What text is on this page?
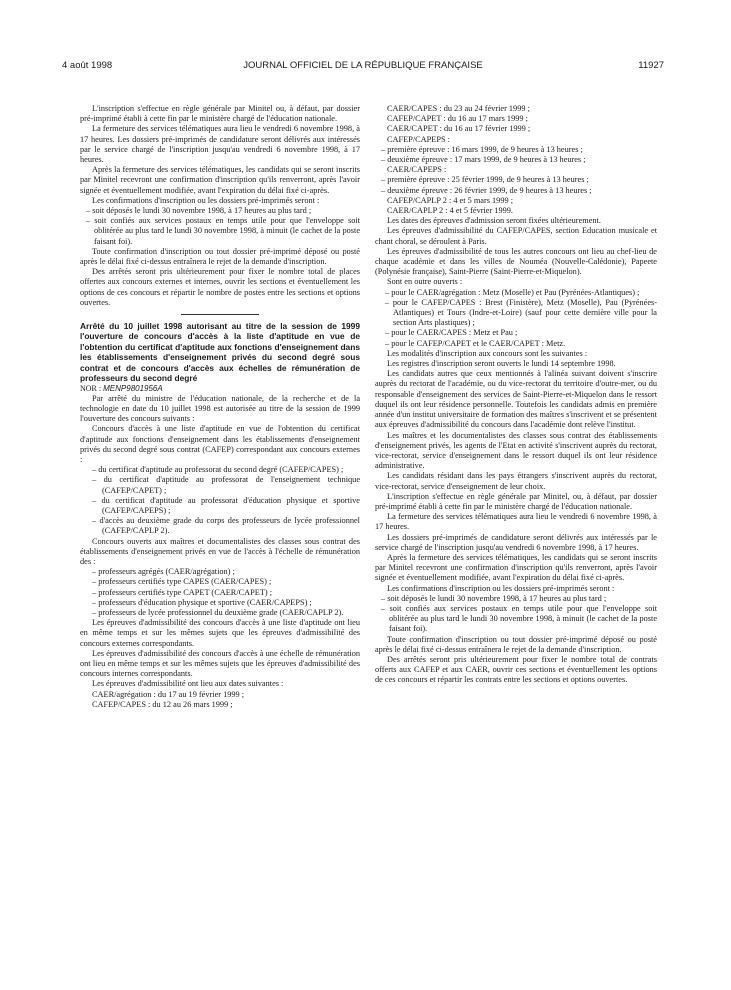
4 août 1998	JOURNAL OFFICIEL DE LA RÉPUBLIQUE FRANÇAISE	11927

L'inscription s'effectue en règle générale par Minitel ou, à défaut, par dossier pré-imprimé établi à cette fin par le ministère chargé de l'éducation nationale.

La fermeture des services télématiques aura lieu le vendredi 6 novembre 1998, à 17 heures. Les dossiers pré-imprimés de candidature seront délivrés aux intéressés par le service chargé de l'inscription jusqu'au vendredi 6 novembre 1998, à 17 heures.

Après la fermeture des services télématiques, les candidats qui se seront inscrits par Minitel recevront une confirmation d'inscription qu'ils renverront, après l'avoir signée et éventuellement modifiée, avant l'expiration du délai fixé ci-après.

Les confirmations d'inscription ou les dossiers pré-imprimés seront :

– soit déposés le lundi 30 novembre 1998, à 17 heures au plus tard ;

– soit confiés aux services postaux en temps utile pour que l'enveloppe soit oblitérée au plus tard le lundi 30 novembre 1998, à minuit (le cachet de la poste faisant foi).

Toute confirmation d'inscription ou tout dossier pré-imprimé déposé ou posté après le délai fixé ci-dessus entraînera le rejet de la demande d'inscription.

Des arrêtés seront pris ultérieurement pour fixer le nombre total de places offertes aux concours externes et internes, ouvrir les sections et éventuellement les options de ces concours et répartir le nombre de postes entre les sections et options ouvertes.

Arrêté du 10 juillet 1998 autorisant au titre de la session de 1999 l'ouverture de concours d'accès à la liste d'aptitude en vue de l'obtention du certificat d'aptitude aux fonctions d'enseignement dans les établissements d'enseignement privés du second degré sous contrat et de concours d'accès aux échelles de rémunération de professeurs du second degré

NOR : MENP9801956A

Par arrêté du ministre de l'éducation nationale, de la recherche et de la technologie en date du 10 juillet 1998 est autorisée au titre de la session de 1999 l'ouverture des concours suivants :

Concours d'accès à une liste d'aptitude en vue de l'obtention du certificat d'aptitude aux fonctions d'enseignement dans les établissements d'enseignement privés du second degré sous contrat (CAFEP) correspondant aux concours externes :

– du certificat d'aptitude au professorat du second degré (CAFEP/CAPES) ;

– du certificat d'aptitude au professorat de l'enseignement technique (CAFEP/CAPET) ;

– du certificat d'aptitude au professorat d'éducation physique et sportive (CAFEP/CAPEPS) ;

– d'accès au deuxième grade du corps des professeurs de lycée professionnel (CAFEP/CAPLP 2).

Concours ouverts aux maîtres et documentalistes des classes sous contrat des établissements d'enseignement privés en vue de l'accès à l'échelle de rémunération des :

– professeurs agrégés (CAER/agrégation) ;

– professeurs certifiés type CAPES (CAER/CAPES) ;

– professeurs certifiés type CAPET (CAER/CAPET) ;

– professeurs d'éducation physique et sportive (CAER/CAPEPS) ;

– professeurs de lycée professionnel du deuxième grade (CAER/CAPLP 2).

Les épreuves d'admissibilité des concours d'accès à une liste d'aptitude ont lieu en même temps et sur les mêmes sujets que les épreuves d'admissibilité des concours externes correspondants.

Les épreuves d'admissibilité des concours d'accès à une échelle de rémunération ont lieu en même temps et sur les mêmes sujets que les épreuves d'admissibilité des concours internes correspondants.

Les épreuves d'admissibilité ont lieu aux dates suivantes :

CAER/agrégation : du 17 au 19 février 1999 ;

CAFEP/CAPES : du 12 au 26 mars 1999 ;

CAER/CAPES : du 23 au 24 février 1999 ;

CAFEP/CAPET : du 16 au 17 mars 1999 ;

CAER/CAPET : du 16 au 17 février 1999 ;

CAFEP/CAPEPS :

– première épreuve : 16 mars 1999, de 9 heures à 13 heures ;

– deuxième épreuve : 17 mars 1999, de 9 heures à 13 heures ;

CAER/CAPEPS :

– première épreuve : 25 février 1999, de 9 heures à 13 heures ;

– deuxième épreuve : 26 février 1999, de 9 heures à 13 heures ;

CAFEP/CAPLP 2 : 4 et 5 mars 1999 ;

CAER/CAPLP 2 : 4 et 5 février 1999.

Les dates des épreuves d'admission seront fixées ultérieurement.

Les épreuves d'admissibilité du CAFEP/CAPES, section Education musicale et chant choral, se déroulent à Paris.

Les épreuves d'admissibilité de tous les autres concours ont lieu au chef-lieu de chaque académie et dans les villes de Nouméa (Nouvelle-Calédonie), Papeete (Polynésie française), Saint-Pierre (Saint-Pierre-et-Miquelon).

Sont en outre ouverts :

– pour le CAER/agrégation : Metz (Moselle) et Pau (Pyrénées-Atlantiques) ;

– pour le CAFEP/CAPES : Brest (Finistère), Metz (Moselle), Pau (Pyrénées-Atlantiques) et Tours (Indre-et-Loire) (sauf pour cette dernière ville pour la section Arts plastiques) ;

– pour le CAER/CAPES : Metz et Pau ;

– pour le CAFEP/CAPET et le CAER/CAPET : Metz.

Les modalités d'inscription aux concours sont les suivantes :

Les registres d'inscription seront ouverts le lundi 14 septembre 1998.

Les candidats autres que ceux mentionnés à l'alinéa suivant doivent s'inscrire auprès du rectorat de l'académie, ou du vice-rectorat du territoire d'outre-mer, ou du responsable d'enseignement des services de Saint-Pierre-et-Miquelon dans le ressort duquel ils ont leur résidence personnelle. Toutefois les candidats admis en première année d'un institut universitaire de formation des maîtres s'inscrivent et se présentent aux épreuves d'admissibilité du concours dans l'académie dont relève l'institut.

Les maîtres et les documentalistes des classes sous contrat des établissements d'enseignement privés, les agents de l'Etat en activité s'inscrivent auprès du rectorat, vice-rectorat, service d'enseignement dans le ressort duquel ils ont leur résidence administrative.

Les candidats résidant dans les pays étrangers s'inscrivent auprès du rectorat, vice-rectorat, service d'enseignement de leur choix.

L'inscription s'effectue en règle générale par Minitel, ou, à défaut, par dossier pré-imprimé établi à cette fin par le ministère chargé de l'éducation nationale.

La fermeture des services télématiques aura lieu le vendredi 6 novembre 1998, à 17 heures.

Les dossiers pré-imprimés de candidature seront délivrés aux intéressés par le service chargé de l'inscription jusqu'au vendredi 6 novembre 1998, à 17 heures.

Après la fermeture des services télématiques, les candidats qui se seront inscrits par Minitel recevront une confirmation d'inscription qu'ils renverront, après l'avoir signée et éventuellement modifiée, avant l'expiration du délai fixé ci-après.

Les confirmations d'inscription ou les dossiers pré-imprimés seront :

– soit déposés le lundi 30 novembre 1998, à 17 heures au plus tard ;

– soit confiés aux services postaux en temps utile pour que l'enveloppe soit oblitérée au plus tard le lundi 30 novembre 1998, à minuit (le cachet de la poste faisant foi).

Toute confirmation d'inscription ou tout dossier pré-imprimé déposé ou posté après le délai fixé ci-dessus entraînera le rejet de la demande d'inscription.

Des arrêtés seront pris ultérieurement pour fixer le nombre total de contrats offerts aux CAFEP et aux CAER, ouvrir ces sections et éventuellement les options de ces concours et répartir les contrats entre les sections et options ouvertes.
